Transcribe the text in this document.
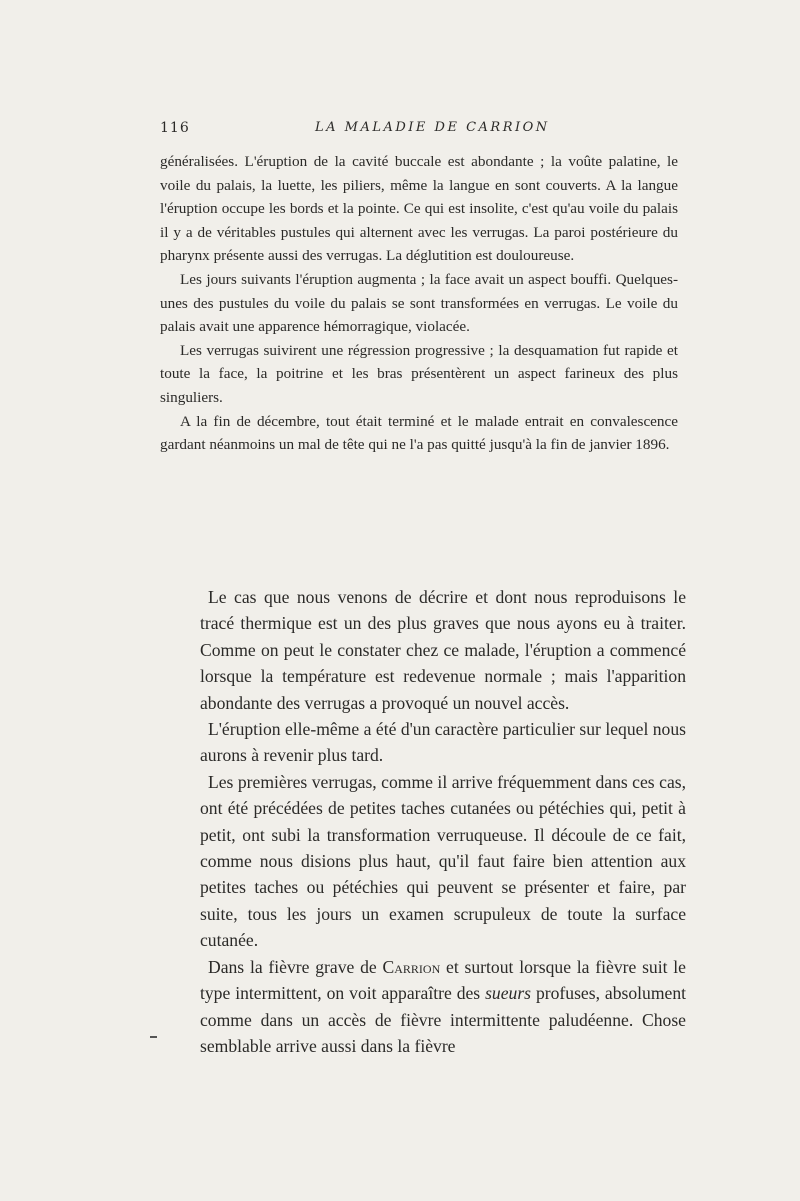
116	LA MALADIE DE CARRION

généralisées. L'éruption de la cavité buccale est abondante ; la voûte palatine, le voile du palais, la luette, les piliers, même la langue en sont couverts. A la langue l'éruption occupe les bords et la pointe. Ce qui est insolite, c'est qu'au voile du palais il y a de véritables pustules qui alternent avec les verrugas. La paroi postérieure du pharynx présente aussi des verrugas. La déglutition est douloureuse.

Les jours suivants l'éruption augmenta ; la face avait un aspect bouffi. Quelques-unes des pustules du voile du palais se sont transformées en verrugas. Le voile du palais avait une apparence hémorragique, violacée.

Les verrugas suivirent une régression progressive ; la desquamation fut rapide et toute la face, la poitrine et les bras présentèrent un aspect farineux des plus singuliers.

A la fin de décembre, tout était terminé et le malade entrait en convalescence gardant néanmoins un mal de tête qui ne l'a pas quitté jusqu'à la fin de janvier 1896.

Le cas que nous venons de décrire et dont nous reproduisons le tracé thermique est un des plus graves que nous ayons eu à traiter. Comme on peut le constater chez ce malade, l'éruption a commencé lorsque la température est redevenue normale ; mais l'apparition abondante des verrugas a provoqué un nouvel accès.

L'éruption elle-même a été d'un caractère particulier sur lequel nous aurons à revenir plus tard.

Les premières verrugas, comme il arrive fréquemment dans ces cas, ont été précédées de petites taches cutanées ou pétéchies qui, petit à petit, ont subi la transformation verruqueuse. Il découle de ce fait, comme nous disions plus haut, qu'il faut faire bien attention aux petites taches ou pétéchies qui peuvent se présenter et faire, par suite, tous les jours un examen scrupuleux de toute la surface cutanée.

Dans la fièvre grave de Carrion et surtout lorsque la fièvre suit le type intermittent, on voit apparaître des sueurs profuses, absolument comme dans un accès de fièvre intermittente paludéenne. Chose semblable arrive aussi dans la fièvre
